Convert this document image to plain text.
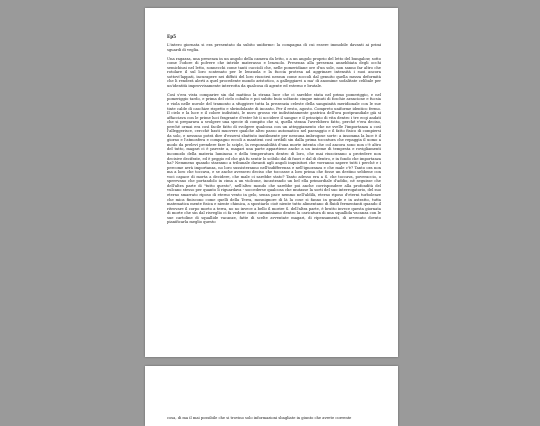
Ep5

L'intero giornata si era presentato da subito uniforme: la compagna di cui essere immobile davanti ai primi sguardi di veglia.

Una ragazza, una presenza in un angolo della camera da letto, o a un angolo proprio del letto del bungalow, sotto come l'odore di polvere che intride materasso e lenzuolo. Presenza alla presenza annebbiata degli occhi semichiusi nel letto, sonnecchi come tanti cuccioli che, nelle pomeridiane ore d'un sole, non sanno far altro che rotolare il sul loro scatenato per le lenzuola e la fuccia protesa ad aggrinare intensità i suoi ancora sottovi'lappati, incurapere nei diffuti del loro riuscirsi nessun come zoccoli dal genuito quella mezza deformità che li renderà alerti a quel procedente mondo aristotico, a galleggiarvi a ma' di anomime sodalitate celibale per un'identità improvvisamente interrotta da qualcosa di agente ed esterno e brutale.

Così s'era vista comparire sin dal mattino la strana luce che ci sarebbe stata nel primo pomeriggio, e nel pomeriggio tardo, e prima del cielo cobalto e poi subito buio soltanto cinque minuti di foschie arancione e fucsia e viola nelle nuvole del tramonto a sfuggiere tutta la prezenzia celeste della sanguinità meridionale con le sue tinte calde di caschize rispetto e sbrindolante di incanto. Per il resto, agosto. Compreto uniforme identico fermo. Il cielo e la luce e il colore indistinti, le nuvo grosso vie indistintamente gastrica dell'ora postprandiale già si affacciava con le prime luci fragrante d'ester hè ii uccidere il sangue e il principio di vita dentro i tre ecqi andati che si preparava a svolgere una specie di compito che si, quella strana l'avrebbero fatto, perché v'era deciso, perché ormai era così facile fatto di svolgere qualcosa con un atteggiamento che ne svelle l'importanza a così l'alleggerisce, cercchè basti muovere qualche altro passo automatico nel paesaggio e il fatto fisico di compiersi da solo, e nessuno potrà dire d'essersi sbattuto inutilmente per nessuna imbrogose sorte: a insomma la luce è il giorno e l'atmosfera e compagno eccoli a mantieni così orribili sin dalla prima toccatura che repaggia il uomo a modo da prelevi prendere fare lo sciple, la responsabilità d'una morte intenta che col ancora sono non c'è altro del tutto, magari ci è pareste a, magari una parte appartiene anche a un insieme di tempesta e rovigliamenti incomodo della materia luminosa e della temperatura dentro di loro, che mai riusciranno a protedere non decisive decifrate, ed è peggio ed che già fu sentir lo scibilo dal di fuori e dal di dentro, e in fondo che importanza ha? Nemmeno quando staranno a tribunale davanti agli angoli inquisitori che vorranno sapere tutti i perché e i percome avrà importanza, no loro sussisteranno nell'indifferenza e nell'ignoranza e che male c'è? Tanto ora non ma a loro che toccava, e se anche avessero deciso che toccasse a loro prima che fosse un destino sebbene con voci capace di morta a decidere, che male ci sarebbe stato? Tanto adesso era a S. che toccava, poveraccio, o sperevano che portandolo in cima a un violcone, incastrando un bel ella primordiale d'addio, né seguisse che dell'altra parte di "tutto questo", nell'altro mondo che sarebbe poi anche corrispondere alla profondità del vulcano stesso per quanto li riguardava - soccederse qualcosa che mutasse la sorti del suo interrogatorio, del suo eterno smarrato riposo di eterno vento in gelo, senza pace nemmo nell'aldilà, eterno riposo d'eterni turbolenze che mica finiscono come quelli della Terra, mosnignore di là la cose si fanno in grande e in astratto, tutta matematica mente fisica e niente chimica, a spostiarlo cioè niente tutto alimentano di fluidi fermentanti quando il ritrovare il corpo morto a terra, no no invece a bello il morire S. dell'altra parte, è brutto invece questa giornata di morte che sin dal risveglio ci fa vedere come camminiamo dentro la caricatura di una squallida vacanza con le sue cartoline di squallide vacanze, fatte di scelte avventate magari, di ripensamenti, di avvenuto dovuto pianificarla meglio questo

cosa, di ma il mai possibile che si trovino solo informazioni sbagliate in giunto che avrete corrente
